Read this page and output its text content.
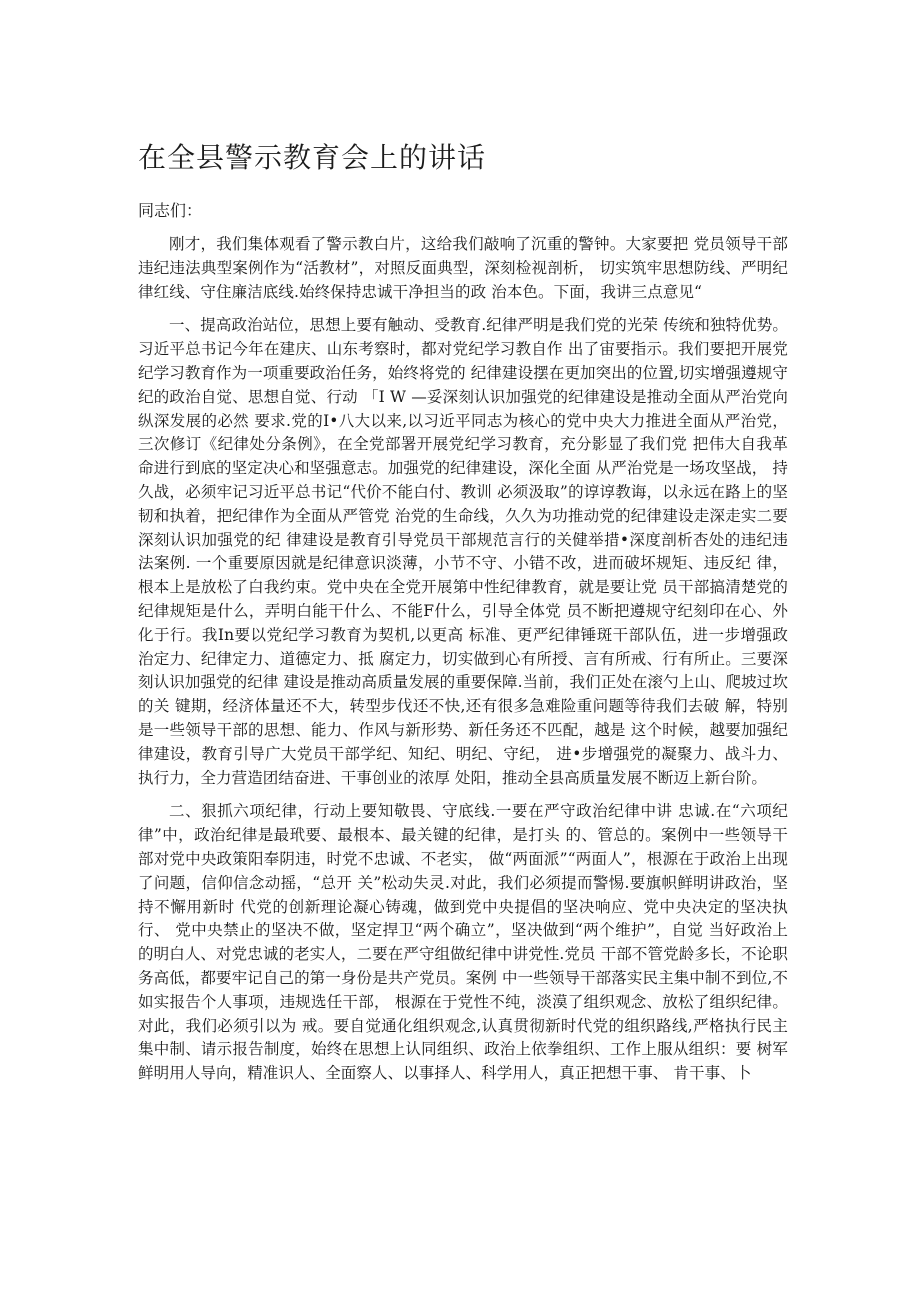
在全县警示教育会上的讲话

同志们：

刚才，我们集体观看了警示教白片，这给我们敲响了沉重的警钟。大家要把 党员领导干部违纪违法典型案例作为“活教材”，对照反面典型，深刻检视剖析， 切实筑牢思想防线、严明纪律红线、守住廉洁底线.始终保持忠诚干净担当的政 治本色。下面，我讲三点意见“

一、提高政治站位，思想上要有触动、受教育.纪律严明是我们党的光荣 传统和独特优势。习近平总书记今年在建庆、山东考察时，都对党纪学习教自作 出了宙要指示。我们要把开展党纪学习教育作为一项重要政治任务，始终将党的 纪律建设摆在更加突出的位置,切实增强遵规守纪的政治自觉、思想自觉、行动 「I W —妥深刻认识加强党的纪律建设是推动全面从严治党向纵深发展的必然 要求.党的I•八大以来,以习近平同志为核心的党中央大力推进全面从严治党， 三次修订《纪律处分条例》，在全党部署开展党纪学习教育，充分影显了我们党 把伟大自我革命进行到底的坚定决心和坚强意志。加强党的纪律建设，深化全面 从严治党是一场攻坚战， 持久战，必须牢记习近平总书记“代价不能白付、教训 必须汲取”的谆谆教诲，以永远在路上的坚韧和执着，把纪律作为全面从严管党 治党的生命线，久久为功推动党的纪律建设走深走实二要深刻认识加强党的纪 律建设是教育引导党员干部规范言行的关健举措•深度剖析杏处的违纪违法案例. 一个重要原因就是纪律意识淡薄，小节不守、小错不改，进而破坏规矩、违反纪 律，根本上是放松了白我约束。党中央在全党开展第中性纪律教育，就是要让党 员干部搞清楚党的纪律规矩是什么，弄明白能干什么、不能F什么，引导全体党 员不断把遵规守纪刻印在心、外化于行。我In要以党纪学习教育为契机,以更高 标准、更严纪律锤斑干部队伍，进一步增强政治定力、纪律定力、道德定力、抵 腐定力，切实做到心有所授、言有所戒、行有所止。三要深刻认识加强党的纪律 建设是推动高质量发展的重要保障.当前，我们正处在滚勺上山、爬坡过坎的关 键期，经济体量还不大，转型步伐还不快,还有很多急难险重问题等待我们去破 解，特别是一些领导干部的思想、能力、作风与新形势、新任务还不匹配，越是 这个时候，越要加强纪律建设，教育引导广大党员干部学纪、知纪、明纪、守纪， 进•步增强党的凝聚力、战斗力、执行力，全力营造团结奋进、干事创业的浓厚 处阳，推动全县高质量发展不断迈上新台阶。

二、狠抓六项纪律，行动上要知敬畏、守底线.一要在严守政治纪律中讲 忠诚.在“六项纪律”中，政治纪律是最玳要、最根本、最关键的纪律，是打头 的、管总的。案例中一些领导干部对党中央政策阳奉阴违，时党不忠诚、不老实， 做“两面派”“两面人”，根源在于政治上出现了问题，信仰信念动摇，“总开 关”松动失灵.对此，我们必须提而警惕.要旗帜鲜明讲政治，坚持不懈用新时 代党的创新理论凝心铸魂，做到党中央提倡的坚决响应、党中央决定的坚决执行、 党中央禁止的坚决不做，坚定捍卫“两个确立”，坚决做到“两个维护”，自觉 当好政治上的明白人、对党忠诚的老实人，二要在严守组做纪律中讲党性.党员 干部不管党龄多长，不论职务高低，都要牢记自己的第一身份是共产党员。案例 中一些领导干部落实民主集中制不到位,不如实报告个人事项，违规选任干部， 根源在于党性不纯，淡漠了组织观念、放松了组织纪律。对此，我们必须引以为 戒。要自觉通化组织观念,认真贯彻新时代党的组织路线,严格执行民主集中制、请示报告制度，始终在思想上认同组织、政治上依拳组织、工作上服从组织：要 树军鲜明用人导向，精准识人、全面察人、以事择人、科学用人，真正把想干事、 肯干事、卜
